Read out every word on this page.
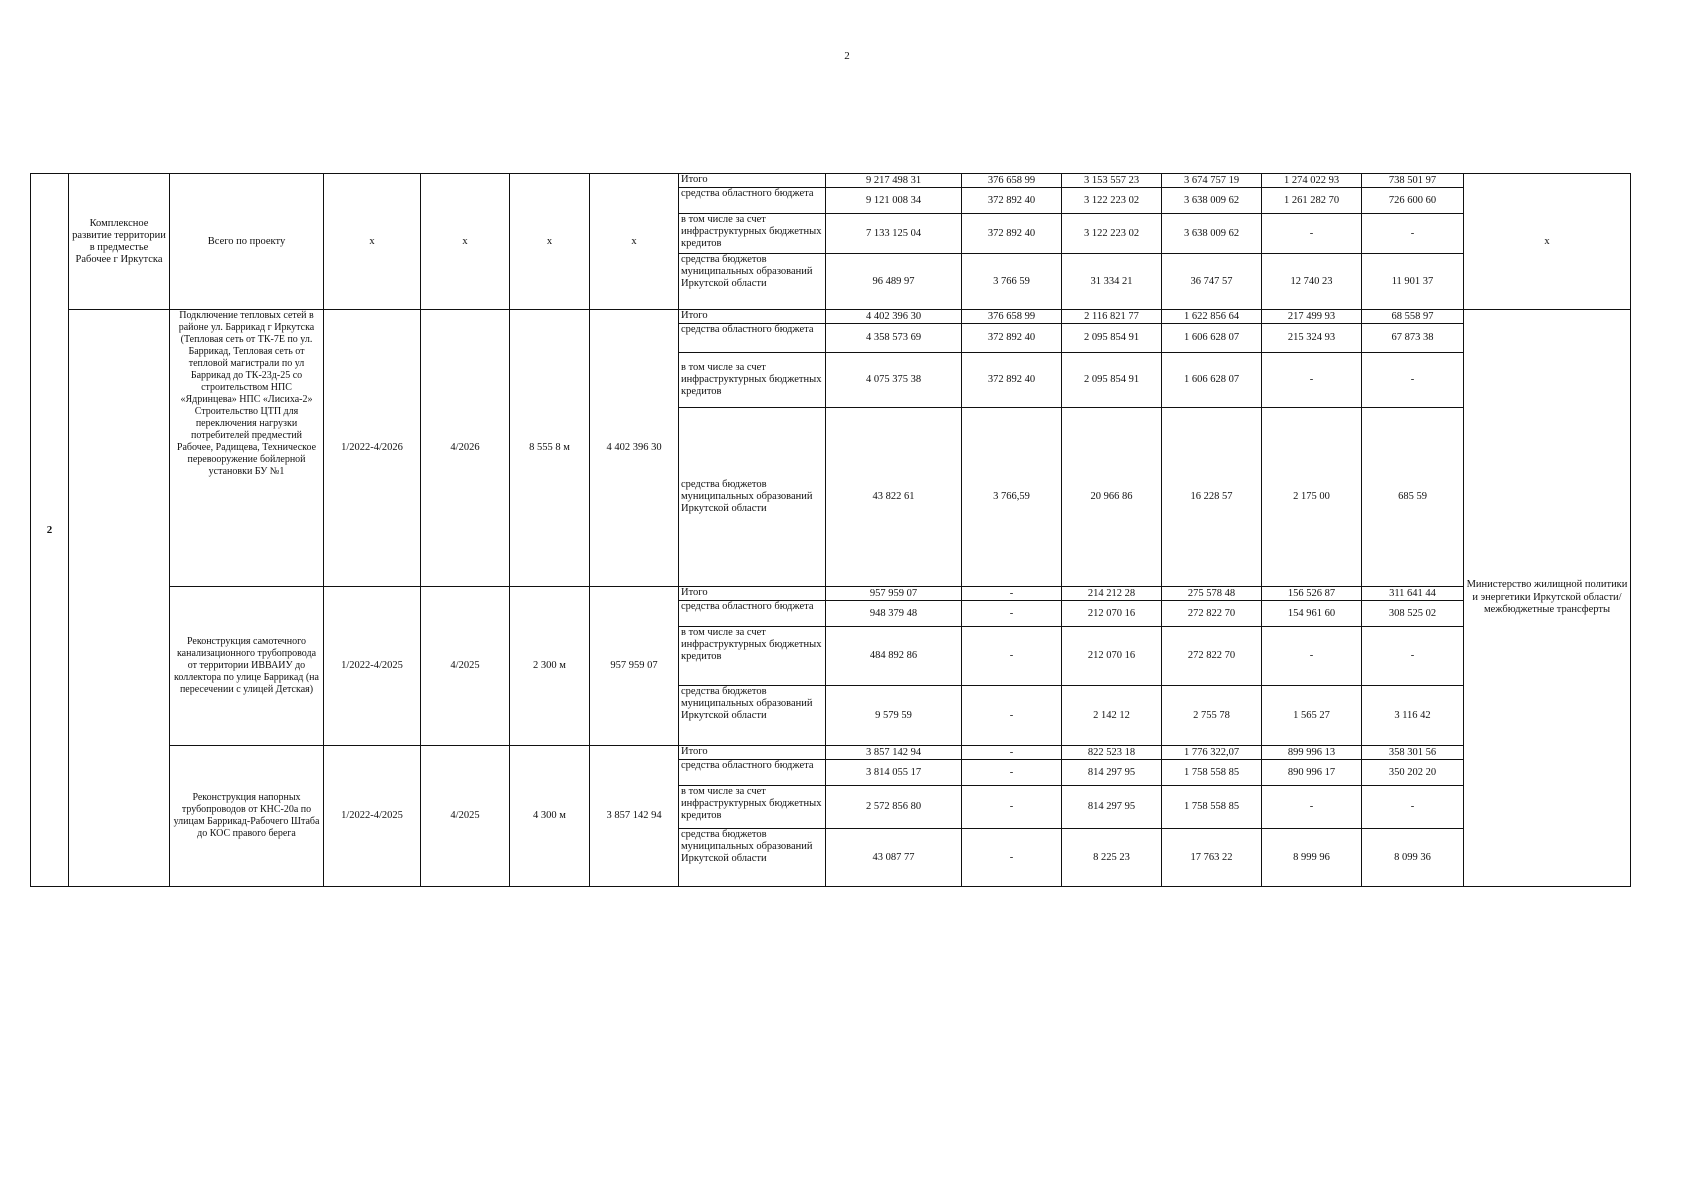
2
2	Комплексное развитие территории в предместье Рабочее г Иркутска	Всего по проекту	x	x	x	x	Итого	9 217 498 31	376 658 99	3 153 557 23	3 674 757 19	1 274 022 93	738 501 97	x
							средства областного бюджета	9 121 008 34	372 892 40	3 122 223 02	3 638 009 62	1 261 282 70	726 600 60	
							в том числе за счет инфраструктурных бюджетных кредитов	7 133 125 04	372 892 40	3 122 223 02	3 638 009 62	-	-	
							средства бюджетов муниципальных образований Иркутской области	96 489 97	3 766 59	31 334 21	36 747 57	12 740 23	11 901 37	
		Подключение тепловых сетей в районе ул. Баррикад г Иркутска (Тепловая сеть от ТК-7Е по ул. Баррикад, Тепловая сеть от тепловой магистрали по ул Баррикад до ТК-23д-25 со строительством НПС «Ядринцева» НПС «Лисиха-2» Строительство ЦТП для переключения нагрузки потребителей предместий Рабочее, Радищева, Техническое перевооружение бойлерной установки БУ №1	1/2022-4/2026	4/2026	8 555 8 м	4 402 396 30	Итого	4 402 396 30	376 658 99	2 116 821 77	1 622 856 64	217 499 93	68 558 97	Министерство жилищной политики и энергетики Иркутской области/ межбюджетные трансферты
							средства областного бюджета	4 358 573 69	372 892 40	2 095 854 91	1 606 628 07	215 324 93	67 873 38	
							в том числе за счет инфраструктурных бюджетных кредитов	4 075 375 38	372 892 40	2 095 854 91	1 606 628 07	-	-	
							средства бюджетов муниципальных образований Иркутской области	43 822 61	3 766,59	20 966 86	16 228 57	2 175 00	685 59	
		Реконструкция самотечного канализационного трубопровода от территории ИВВАИУ до коллектора по улице Баррикад (на пересечении с улицей Детская)	1/2022-4/2025	4/2025	2 300 м	957 959 07	Итого	957 959 07	-	214 212 28	275 578 48	156 526 87	311 641 44	
							средства областного бюджета	948 379 48	-	212 070 16	272 822 70	154 961 60	308 525 02	
							в том числе за счет инфраструктурных бюджетных кредитов	484 892 86	-	212 070 16	272 822 70	-	-	
							средства бюджетов муниципальных образований Иркутской области	9 579 59	-	2 142 12	2 755 78	1 565 27	3 116 42	
		Реконструкция напорных трубопроводов от КНС-20а по улицам Баррикад-Рабочего Штаба до КОС правого берега	1/2022-4/2025	4/2025	4 300 м	3 857 142 94	Итого	3 857 142 94	-	822 523 18	1 776 322,07	899 996 13	358 301 56	
							средства областного бюджета	3 814 055 17	-	814 297 95	1 758 558 85	890 996 17	350 202 20	
							в том числе за счет инфраструктурных бюджетных кредитов	2 572 856 80	-	814 297 95	1 758 558 85	-	-	
							средства бюджетов муниципальных образований Иркутской области	43 087 77	-	8 225 23	17 763 22	8 999 96	8 099 36	
